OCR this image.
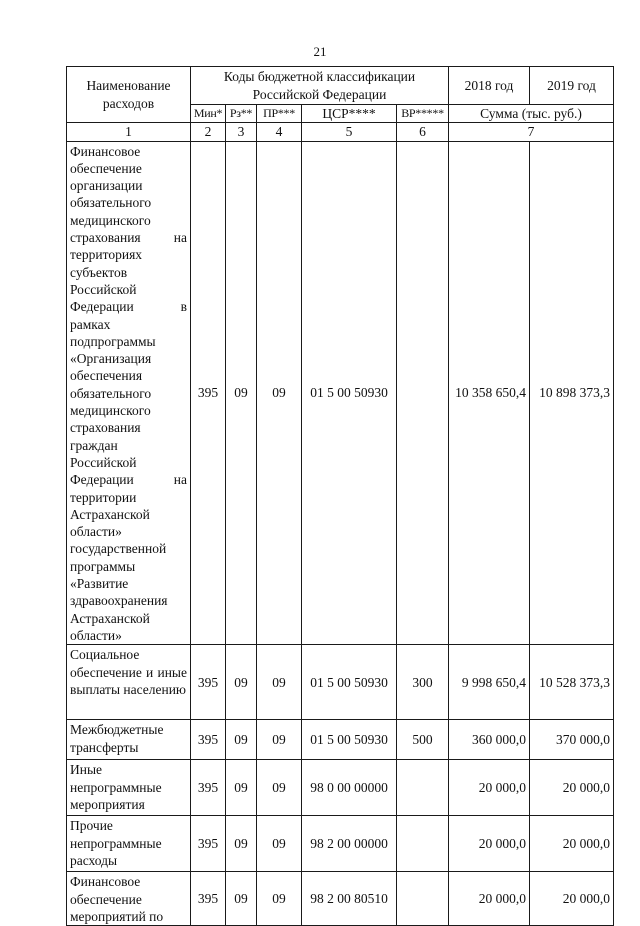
21
Наименование расходов	Коды бюджетной классификации Российской Федерации					2018 год	2019 год
	Мин*	Рз**	ПР***	ЦСР****	ВР*****	Сумма (тыс. руб.)	
1	2	3	4	5	6	7	
Финансовое обеспечение организации обязательного медицинского страхования на территориях субъектов Российской Федерации в рамках подпрограммы «Организация обеспечения обязательного медицинского страхования граждан Российской Федерации на территории Астраханской области» государственной программы «Развитие здравоохранения Астраханской области»	395	09	09	01 5 00 50930		10 358 650,4	10 898 373,3
Социальное обеспечение и иные выплаты населению	395	09	09	01 5 00 50930	300	9 998 650,4	10 528 373,3
Межбюджетные трансферты	395	09	09	01 5 00 50930	500	360 000,0	370 000,0
Иные непрограммные мероприятия	395	09	09	98 0 00 00000		20 000,0	20 000,0
Прочие непрограммные расходы	395	09	09	98 2 00 00000		20 000,0	20 000,0

Финансовое обеспечение мероприятий по	395	09	09	98 2 00 80510		20 000,0	20 000,0
